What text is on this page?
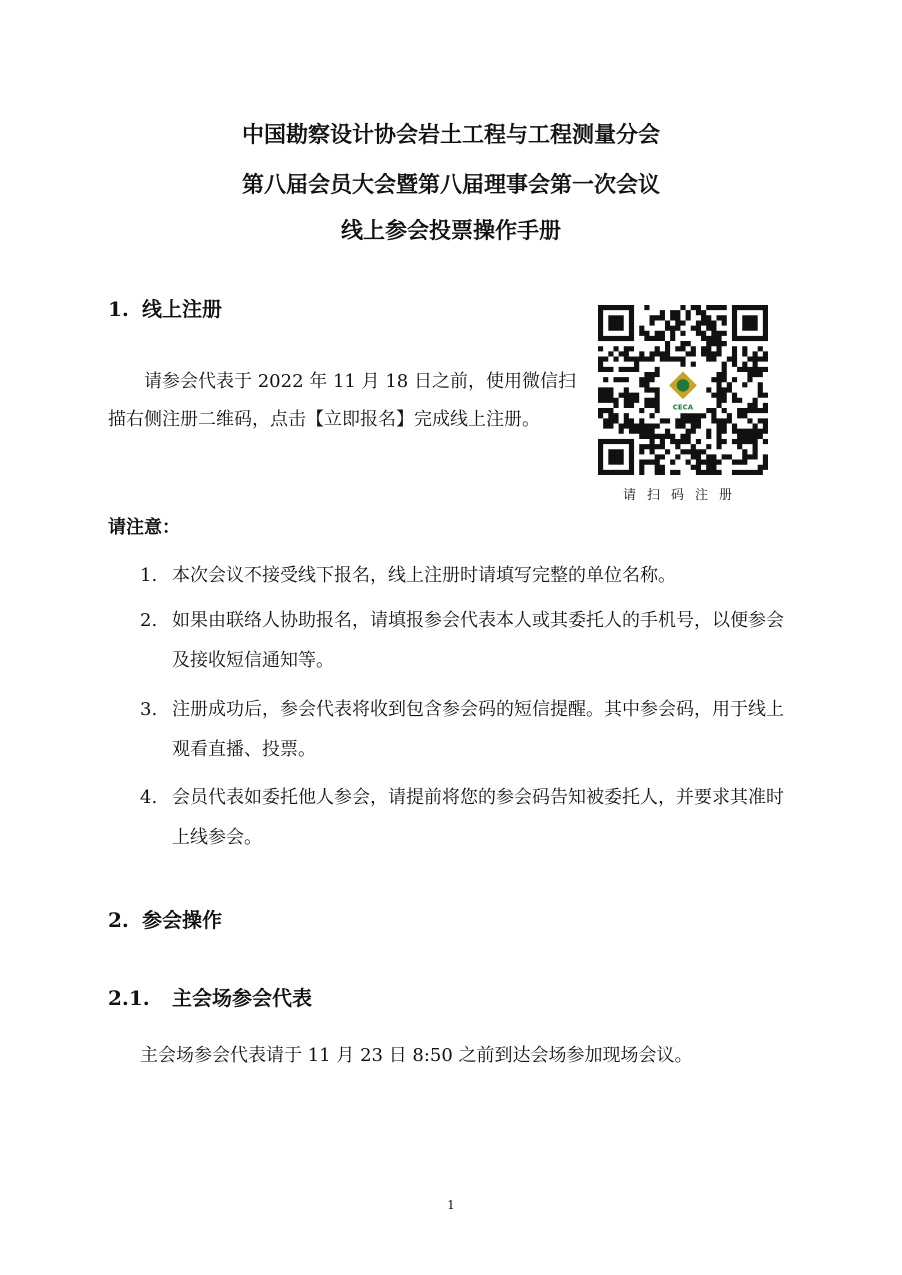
中国勘察设计协会岩土工程与工程测量分会
第八届会员大会暨第八届理事会第一次会议
线上参会投票操作手册
1. 线上注册
请参会代表于 2022 年 11 月 18 日之前，使用微信扫描右侧注册二维码，点击【立即报名】完成线上注册。
CECA
请扫码注册
请注意：
1. 本次会议不接受线下报名，线上注册时请填写完整的单位名称。
2. 如果由联络人协助报名，请填报参会代表本人或其委托人的手机号，以便参会及接收短信通知等。
3. 注册成功后，参会代表将收到包含参会码的短信提醒。其中参会码，用于线上观看直播、投票。
4. 会员代表如委托他人参会，请提前将您的参会码告知被委托人，并要求其准时上线参会。
2. 参会操作
2.1. 主会场参会代表
主会场参会代表请于 11 月 23 日 8:50 之前到达会场参加现场会议。
1
